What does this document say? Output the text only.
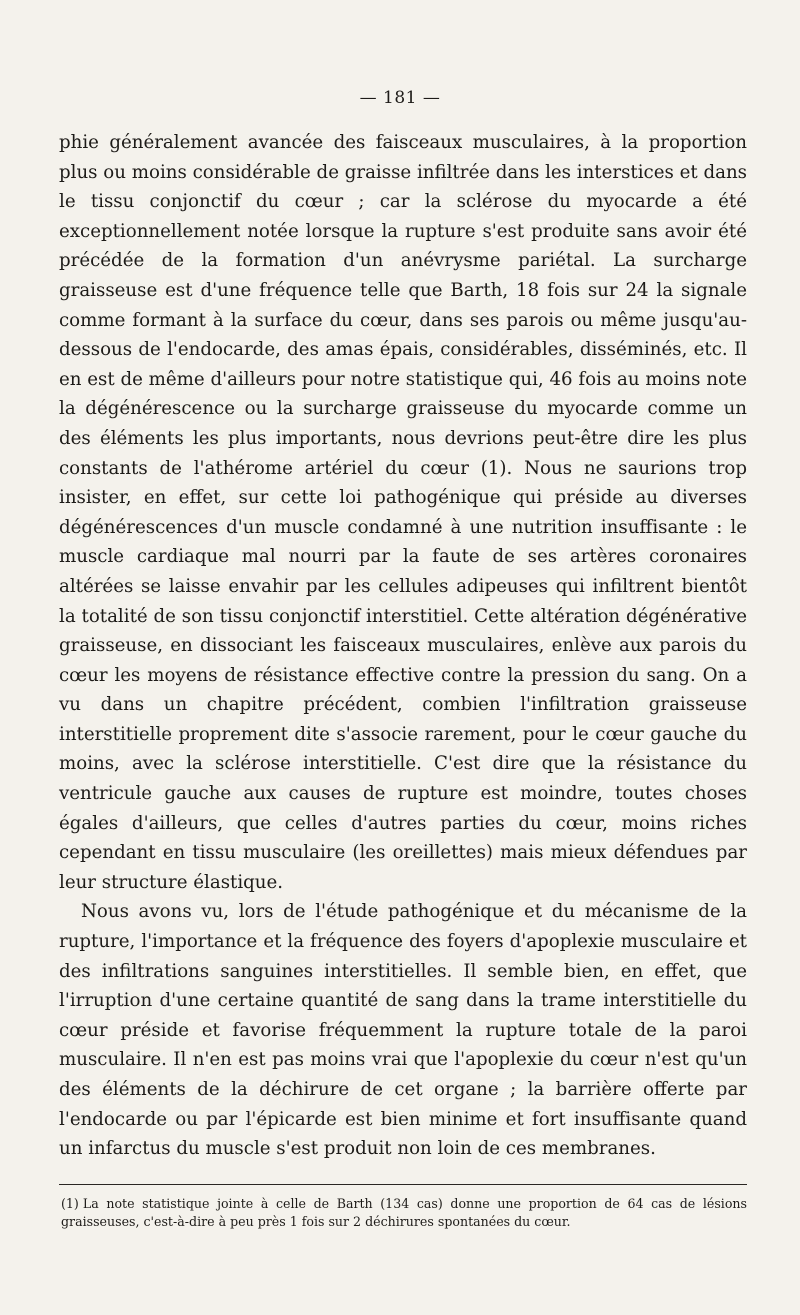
— 181 —

phie généralement avancée des faisceaux musculaires, à la proportion plus ou moins considérable de graisse infiltrée dans les interstices et dans le tissu conjonctif du cœur ; car la sclérose du myocarde a été exceptionnellement notée lorsque la rupture s'est produite sans avoir été précédée de la formation d'un anévrysme pariétal. La surcharge graisseuse est d'une fréquence telle que Barth, 18 fois sur 24 la signale comme formant à la surface du cœur, dans ses parois ou même jusqu'au-dessous de l'endocarde, des amas épais, considérables, disséminés, etc. Il en est de même d'ailleurs pour notre statistique qui, 46 fois au moins note la dégénérescence ou la surcharge graisseuse du myocarde comme un des éléments les plus importants, nous devrions peut-être dire les plus constants de l'athérome artériel du cœur (1). Nous ne saurions trop insister, en effet, sur cette loi pathogénique qui préside au diverses dégénérescences d'un muscle condamné à une nutrition insuffisante : le muscle cardiaque mal nourri par la faute de ses artères coronaires altérées se laisse envahir par les cellules adipeuses qui infiltrent bientôt la totalité de son tissu conjonctif interstitiel. Cette altération dégénérative graisseuse, en dissociant les faisceaux musculaires, enlève aux parois du cœur les moyens de résistance effective contre la pression du sang. On a vu dans un chapitre précédent, combien l'infiltration graisseuse interstitielle proprement dite s'associe rarement, pour le cœur gauche du moins, avec la sclérose interstitielle. C'est dire que la résistance du ventricule gauche aux causes de rupture est moindre, toutes choses égales d'ailleurs, que celles d'autres parties du cœur, moins riches cependant en tissu musculaire (les oreillettes) mais mieux défendues par leur structure élastique.

Nous avons vu, lors de l'étude pathogénique et du mécanisme de la rupture, l'importance et la fréquence des foyers d'apoplexie musculaire et des infiltrations sanguines interstitielles. Il semble bien, en effet, que l'irruption d'une certaine quantité de sang dans la trame interstitielle du cœur préside et favorise fréquemment la rupture totale de la paroi musculaire. Il n'en est pas moins vrai que l'apoplexie du cœur n'est qu'un des éléments de la déchirure de cet organe ; la barrière offerte par l'endocarde ou par l'épicarde est bien minime et fort insuffisante quand un infarctus du muscle s'est produit non loin de ces membranes.

(1) La note statistique jointe à celle de Barth (134 cas) donne une proportion de 64 cas de lésions graisseuses, c'est-à-dire à peu près 1 fois sur 2 déchirures spontanées du cœur.
